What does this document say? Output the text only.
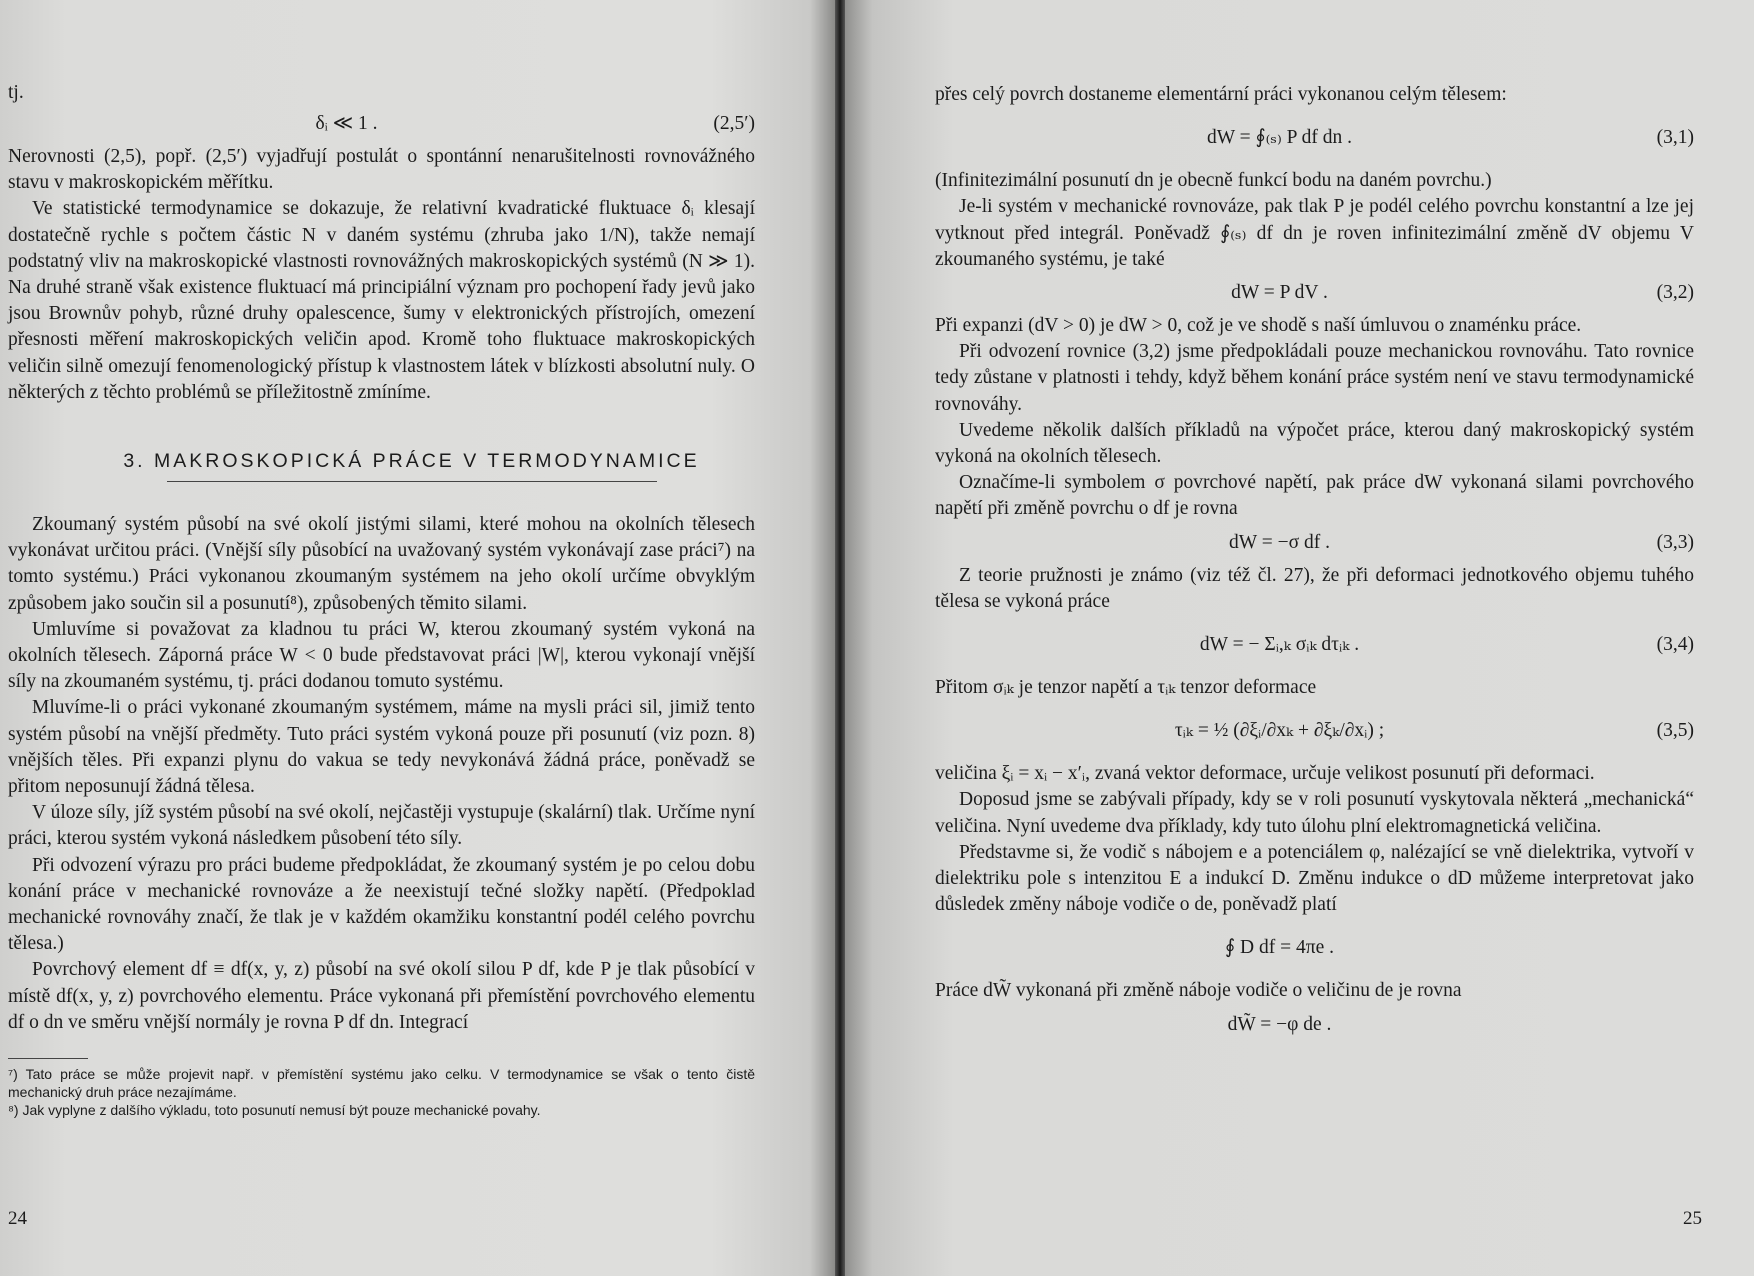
tj.
δᵢ ≪ 1 .	(2,5′)

Nerovnosti (2,5), popř. (2,5′) vyjadřují postulát o spontánní nenarušitelnosti rovnovážného stavu v makroskopickém měřítku.

Ve statistické termodynamice se dokazuje, že relativní kvadratické fluktuace δᵢ klesají dostatečně rychle s počtem částic N v daném systému (zhruba jako 1/N), takže nemají podstatný vliv na makroskopické vlastnosti rovnovážných makroskopických systémů (N ≫ 1). Na druhé straně však existence fluktuací má principiální význam pro pochopení řady jevů jako jsou Brownův pohyb, různé druhy opalescence, šumy v elektronických přístrojích, omezení přesnosti měření makroskopických veličin apod. Kromě toho fluktuace makroskopických veličin silně omezují fenomenologický přístup k vlastnostem látek v blízkosti absolutní nuly. O některých z těchto problémů se příležitostně zmíníme.

3. MAKROSKOPICKÁ PRÁCE V TERMODYNAMICE

Zkoumaný systém působí na své okolí jistými silami, které mohou na okolních tělesech vykonávat určitou práci. (Vnější síly působící na uvažovaný systém vykonávají zase práci⁷) na tomto systému.) Práci vykonanou zkoumaným systémem na jeho okolí určíme obvyklým způsobem jako součin sil a posunutí⁸), způsobených těmito silami.

Umluvíme si považovat za kladnou tu práci W, kterou zkoumaný systém vykoná na okolních tělesech. Záporná práce W < 0 bude představovat práci |W|, kterou vykonají vnější síly na zkoumaném systému, tj. práci dodanou tomuto systému.

Mluvíme-li o práci vykonané zkoumaným systémem, máme na mysli práci sil, jimiž tento systém působí na vnější předměty. Tuto práci systém vykoná pouze při posunutí (viz pozn. 8) vnějších těles. Při expanzi plynu do vakua se tedy nevykonává žádná práce, poněvadž se přitom neposunují žádná tělesa.

V úloze síly, jíž systém působí na své okolí, nejčastěji vystupuje (skalární) tlak. Určíme nyní práci, kterou systém vykoná následkem působení této síly.

Při odvození výrazu pro práci budeme předpokládat, že zkoumaný systém je po celou dobu konání práce v mechanické rovnováze a že neexistují tečné složky napětí. (Předpoklad mechanické rovnováhy značí, že tlak je v každém okamžiku konstantní podél celého povrchu tělesa.)

Povrchový element df ≡ df(x, y, z) působí na své okolí silou P df, kde P je tlak působící v místě df(x, y, z) povrchového elementu. Práce vykonaná při přemístění povrchového elementu df o dn ve směru vnější normály je rovna P df dn. Integrací

⁷) Tato práce se může projevit např. v přemístění systému jako celku. V termodynamice se však o tento čistě mechanický druh práce nezajímáme.
⁸) Jak vyplyne z dalšího výkladu, toto posunutí nemusí být pouze mechanické povahy.
24

přes celý povrch dostaneme elementární práci vykonanou celým tělesem:

dW = ∮₍ₛ₎ P df dn .	(3,1)

(Infinitezimální posunutí dn je obecně funkcí bodu na daném povrchu.)

Je-li systém v mechanické rovnováze, pak tlak P je podél celého povrchu konstantní a lze jej vytknout před integrál. Poněvadž ∮₍ₛ₎ df dn je roven infinitezimální změně dV objemu V zkoumaného systému, je také

dW = P dV .	(3,2)

Při expanzi (dV > 0) je dW > 0, což je ve shodě s naší úmluvou o znaménku práce.

Při odvození rovnice (3,2) jsme předpokládali pouze mechanickou rovnováhu. Tato rovnice tedy zůstane v platnosti i tehdy, když během konání práce systém není ve stavu termodynamické rovnováhy.

Uvedeme několik dalších příkladů na výpočet práce, kterou daný makroskopický systém vykoná na okolních tělesech.

Označíme-li symbolem σ povrchové napětí, pak práce dW vykonaná silami povrchového napětí při změně povrchu o df je rovna

dW = −σ df .	(3,3)

Z teorie pružnosti je známo (viz též čl. 27), že při deformaci jednotkového objemu tuhého tělesa se vykoná práce

dW = − Σᵢ,ₖ σᵢₖ dτᵢₖ .	(3,4)

Přitom σᵢₖ je tenzor napětí a τᵢₖ tenzor deformace

τᵢₖ = ½ (∂ξᵢ/∂xₖ + ∂ξₖ/∂xᵢ) ;	(3,5)

veličina ξᵢ = xᵢ − x′ᵢ, zvaná vektor deformace, určuje velikost posunutí při deformaci.

Doposud jsme se zabývali případy, kdy se v roli posunutí vyskytovala některá „mechanická“ veličina. Nyní uvedeme dva příklady, kdy tuto úlohu plní elektromagnetická veličina.

Představme si, že vodič s nábojem e a potenciálem φ, nalézající se vně dielektrika, vytvoří v dielektriku pole s intenzitou E a indukcí D. Změnu indukce o dD můžeme interpretovat jako důsledek změny náboje vodiče o de, poněvadž platí

∮ D df = 4πe .

Práce dW̃ vykonaná při změně náboje vodiče o veličinu de je rovna

dW̃ = −φ de .
25
